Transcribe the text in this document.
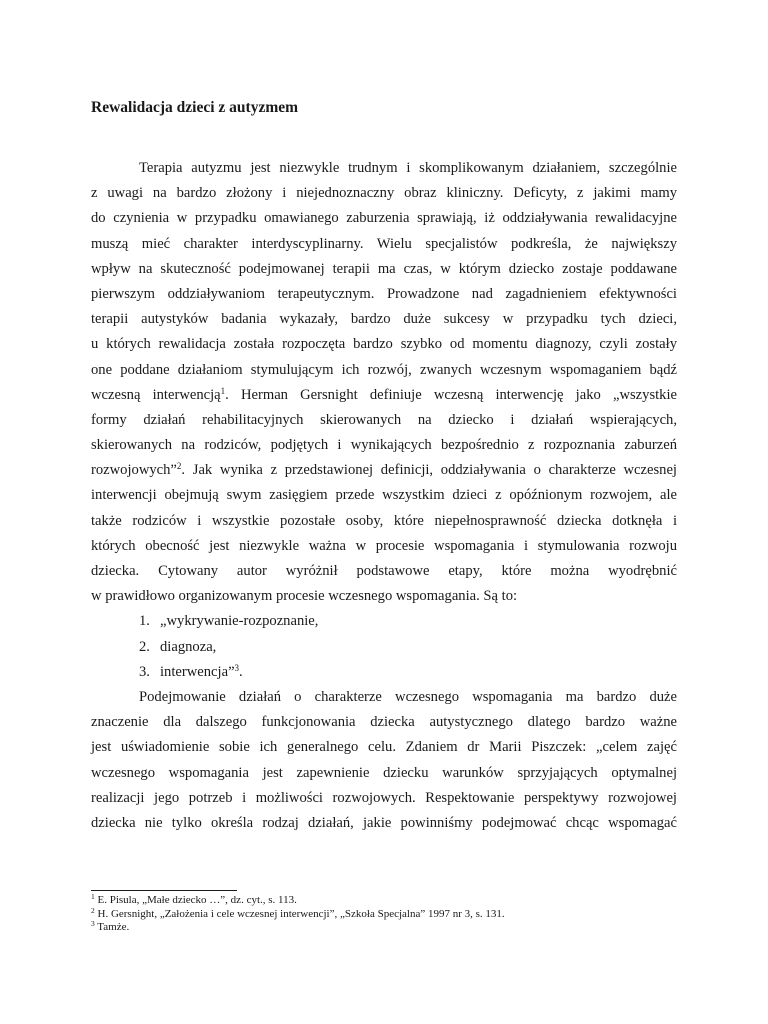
Rewalidacja dzieci z autyzmem
Terapia autyzmu jest niezwykle trudnym i skomplikowanym działaniem, szczególnie
z uwagi na bardzo złożony i niejednoznaczny obraz kliniczny. Deficyty, z jakimi mamy
do czynienia w przypadku omawianego zaburzenia sprawiają, iż oddziaływania rewalidacyjne
muszą mieć charakter interdyscyplinarny. Wielu specjalistów podkreśla, że największy
wpływ na skuteczność podejmowanej terapii ma czas, w którym dziecko zostaje poddawane
pierwszym oddziaływaniom terapeutycznym. Prowadzone nad zagadnieniem efektywności
terapii autystyków badania wykazały, bardzo duże sukcesy w przypadku tych dzieci,
u których rewalidacja została rozpoczęta bardzo szybko od momentu diagnozy, czyli zostały
one poddane działaniom stymulującym ich rozwój, zwanych wczesnym wspomaganiem bądź
wczesną interwencją$^1$. Herman Gersnight definiuje wczesną interwencję jako „wszystkie
formy działań rehabilitacyjnych skierowanych na dziecko i działań wspierających,
skierowanych na rodziców, podjętych i wynikających bezpośrednio z rozpoznania zaburzeń
rozwojowych”$^2$. Jak wynika z przedstawionej definicji, oddziaływania o charakterze wczesnej
interwencji obejmują swym zasięgiem przede wszystkim dzieci z opóźnionym rozwojem, ale
także rodziców i wszystkie pozostałe osoby, które niepełnosprawność dziecka dotknęła i
których obecność jest niezwykle ważna w procesie wspomagania i stymulowania rozwoju
dziecka. Cytowany autor wyróżnił podstawowe etapy, które można wyodrębnić
w prawidłowo organizowanym procesie wczesnego wspomagania. Są to:
1. „wykrywanie-rozpoznanie,
2. diagnoza,
3. interwencja”$^3$.
Podejmowanie działań o charakterze wczesnego wspomagania ma bardzo duże
znaczenie dla dalszego funkcjonowania dziecka autystycznego dlatego bardzo ważne
jest uświadomienie sobie ich generalnego celu. Zdaniem dr Marii Piszczek: „celem zajęć
wczesnego wspomagania jest zapewnienie dziecku warunków sprzyjających optymalnej
realizacji jego potrzeb i możliwości rozwojowych. Respektowanie perspektywy rozwojowej
dziecka nie tylko określa rodzaj działań, jakie powinniśmy podejmować chcąc wspomagać
$^1$ E. Pisula, „Małe dziecko …”, dz. cyt., s. 113.
$^2$ H. Gersnight, „Założenia i cele wczesnej interwencji”, „Szkoła Specjalna” 1997 nr 3, s. 131.
$^3$ Tamże.
